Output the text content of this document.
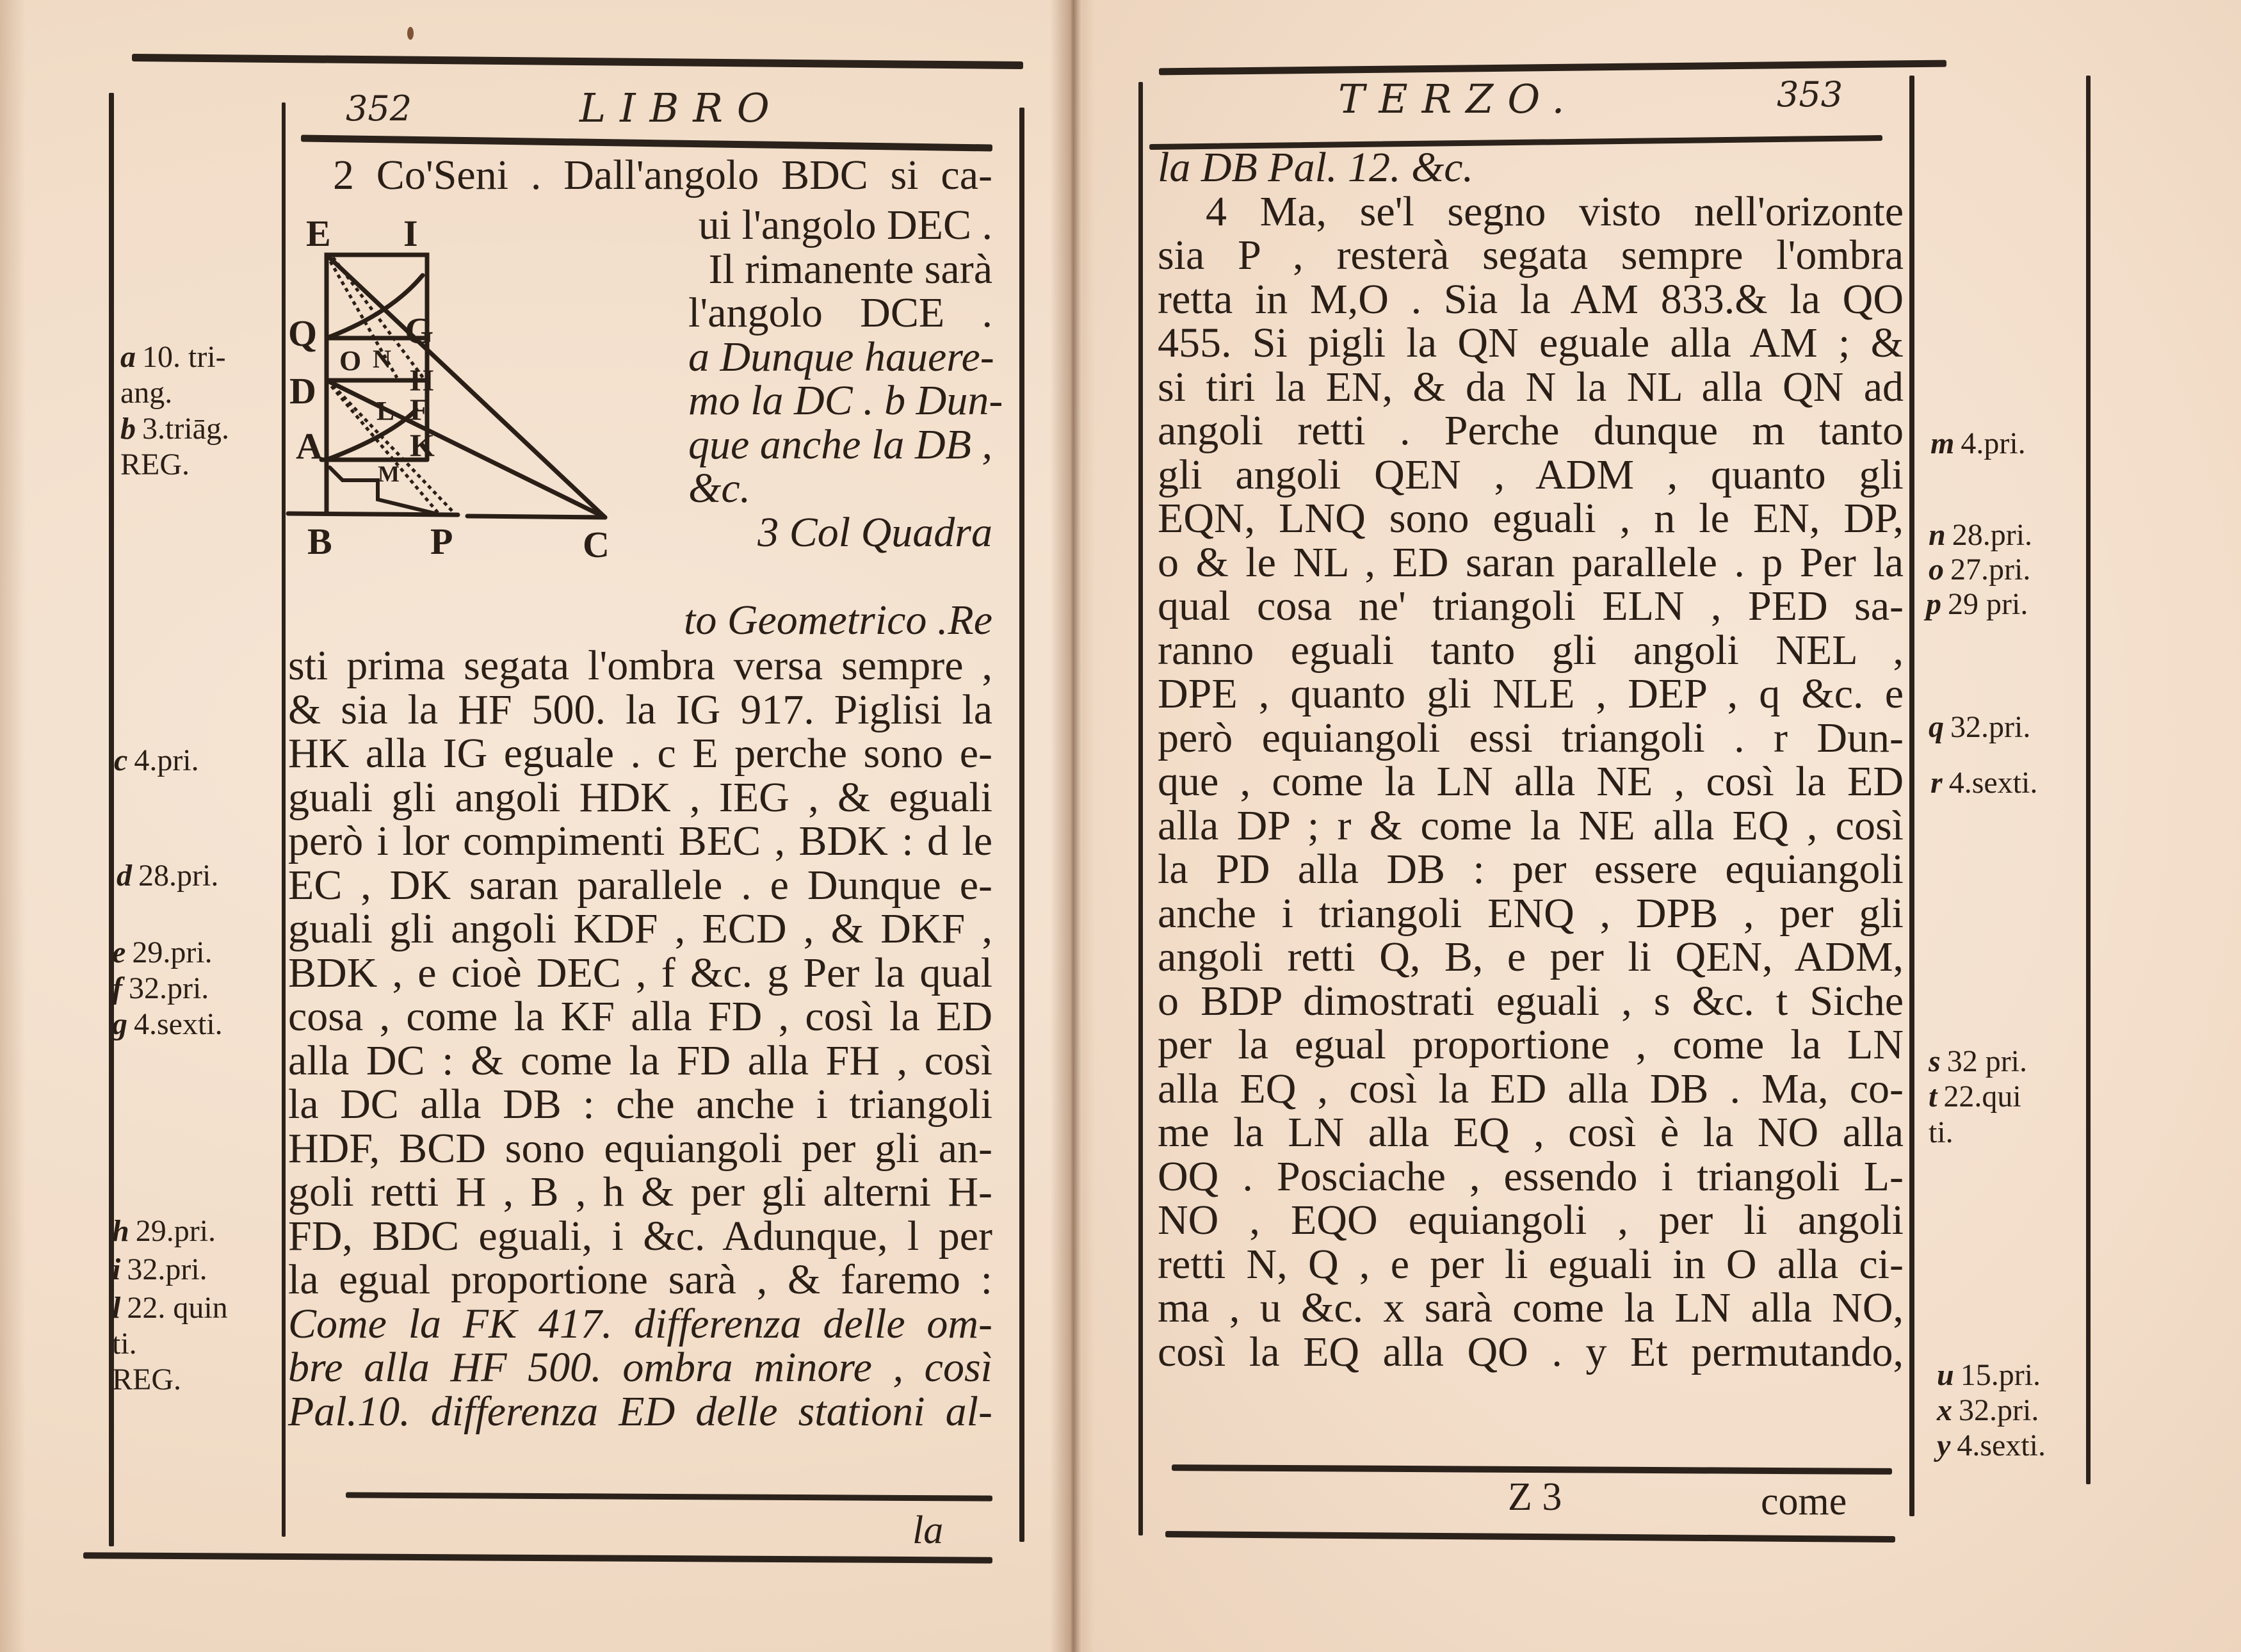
352	LIBRO
E I
Q G
O N
H
D L F
A	K
M
B	P	C
2 Co'Seni . Dall'angolo BDC si ca-
ui l'angolo DEC .
Il rimanente sarà
l'angolo DCE .
a Dunque hauere-
mo la DC . b Dun-
que anche la DB ,
&c.
3 Col Quadra
to Geometrico .Re
sti prima segata l'ombra versa sempre ,
& sia la HF 500. la IG 917. Piglisi la
HK alla IG eguale . c E perche sono e-
guali gli angoli HDK , IEG , & eguali
però i lor compimenti BEC , BDK : d le
EC , DK saran parallele . e Dunque e-
guali gli angoli KDF , ECD , & DKF ,
BDK , e cioè DEC , f &c. g Per la qual
cosa , come la KF alla FD , così la ED
alla DC : & come la FD alla FH , così
la DC alla DB : che anche i triangoli
HDF, BCD sono equiangoli per gli an-
goli retti H , B , h & per gli alterni H-
FD, BDC eguali, i &c. Adunque, l per
la egual proportione sarà , & faremo :
Come la FK 417. differenza delle om-
bre alla HF 500. ombra minore , così
Pal.10. differenza ED delle stationi al-
la
a 10. tri-
ang.
b 3.triāg.
REG.
c 4.pri.
d 28.pri.
e 29.pri.
f 32.pri.
g 4.sexti.
h 29.pri.
i 32.pri.
l 22. quin
ti.
REG.
TERZO.	353
la DB Pal. 12. &c.
4 Ma, se'l segno visto nell'orizonte
sia P , resterà segata sempre l'ombra
retta in M,O . Sia la AM 833.& la QO
455. Si pigli la QN eguale alla AM ; &
si tiri la EN, & da N la NL alla QN ad
angoli retti . Perche dunque m tanto
gli angoli QEN , ADM , quanto gli
EQN, LNQ sono eguali , n le EN, DP,
o & le NL , ED saran parallele . p Per la
qual cosa ne' triangoli ELN , PED sa-
ranno eguali tanto gli angoli NEL ,
DPE , quanto gli NLE , DEP , q &c. e
però equiangoli essi triangoli . r Dun-
que , come la LN alla NE , così la ED
alla DP ; r & come la NE alla EQ , così
la PD alla DB : per essere equiangoli
anche i triangoli ENQ , DPB , per gli
angoli retti Q, B, e per li QEN, ADM,
o BDP dimostrati eguali , s &c. t Siche
per la egual proportione , come la LN
alla EQ , così la ED alla DB . Ma, co-
me la LN alla EQ , così è la NO alla
OQ . Posciache , essendo i triangoli L-
NO , EQO equiangoli , per li angoli
retti N, Q , e per li eguali in O alla ci-
ma , u &c. x sarà come la LN alla NO,
così la EQ alla QO . y Et permutando,
Z 3	come
m 4.pri.
n 28.pri.
o 27.pri.
p 29 pri.
q 32.pri.
r 4.sexti.
s 32 pri.
t 22.qui
ti.
u 15.pri.
x 32.pri.
y 4.sexti.
